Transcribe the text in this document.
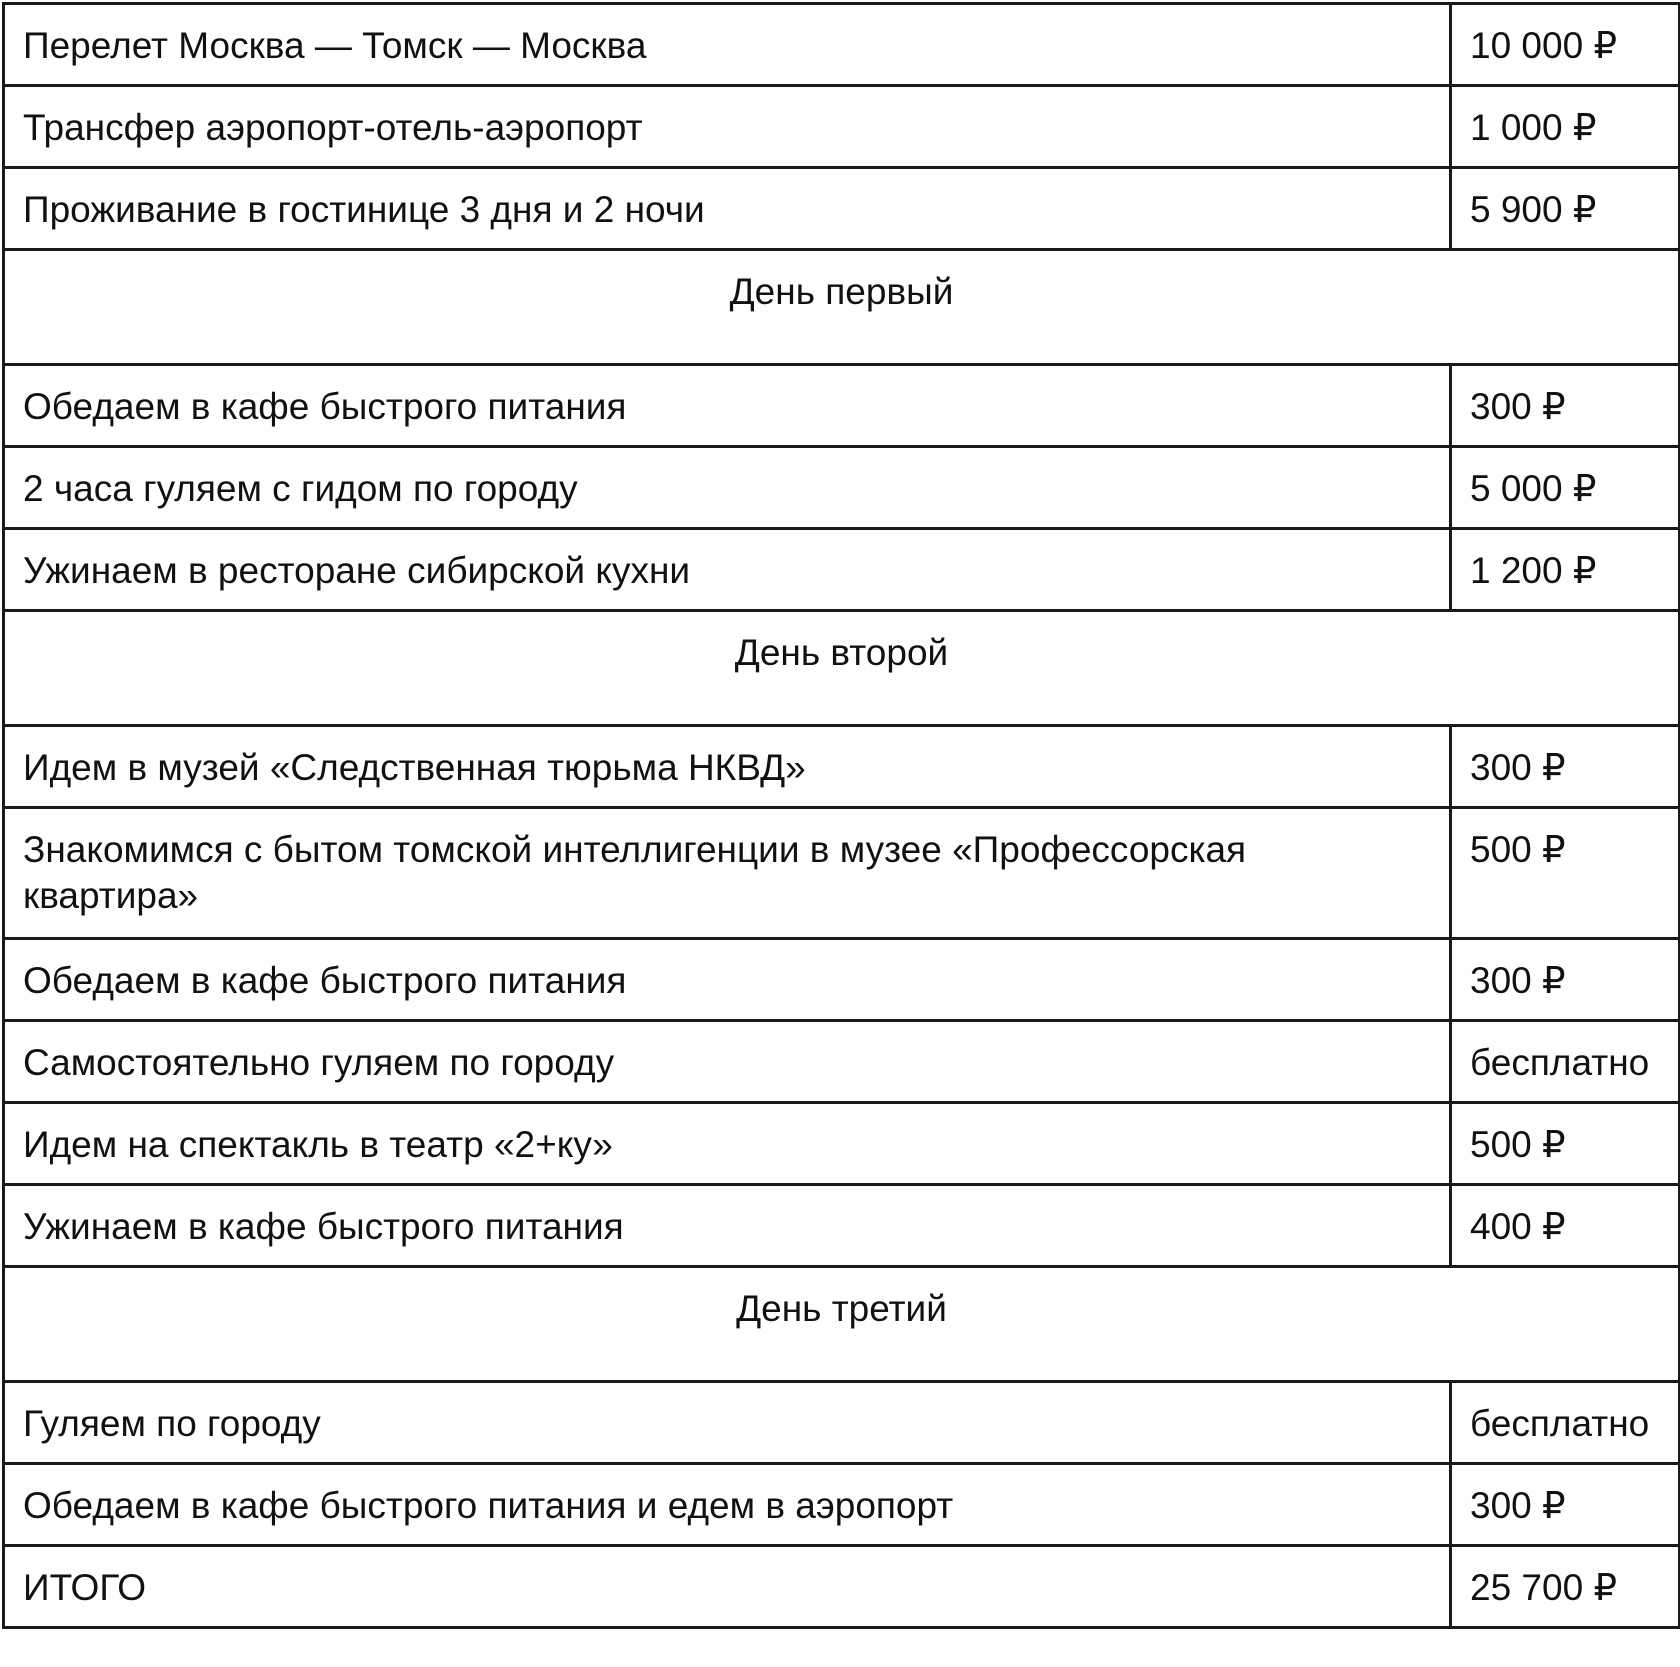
Перелет Москва — Томск — Москва	10 000 ₽

Трансфер аэропорт-отель-аэропорт	1 000 ₽

Проживание в гостинице 3 дня и 2 ночи	5 900 ₽

День первый	

Обедаем в кафе быстрого питания	300 ₽

2 часа гуляем с гидом по городу	5 000 ₽

Ужинаем в ресторане сибирской кухни	1 200 ₽

День второй	

Идем в музей «Следственная тюрьма НКВД»	300 ₽

Знакомимся с бытом томской интеллигенции в музее «Профессорская квартира»	500 ₽

Обедаем в кафе быстрого питания	300 ₽

Самостоятельно гуляем по городу	бесплатно

Идем на спектакль в театр «2+ку»	500 ₽

Ужинаем в кафе быстрого питания	400 ₽

День третий	

Гуляем по городу	бесплатно

Обедаем в кафе быстрого питания и едем в аэропорт	300 ₽

ИТОГО	25 700 ₽
